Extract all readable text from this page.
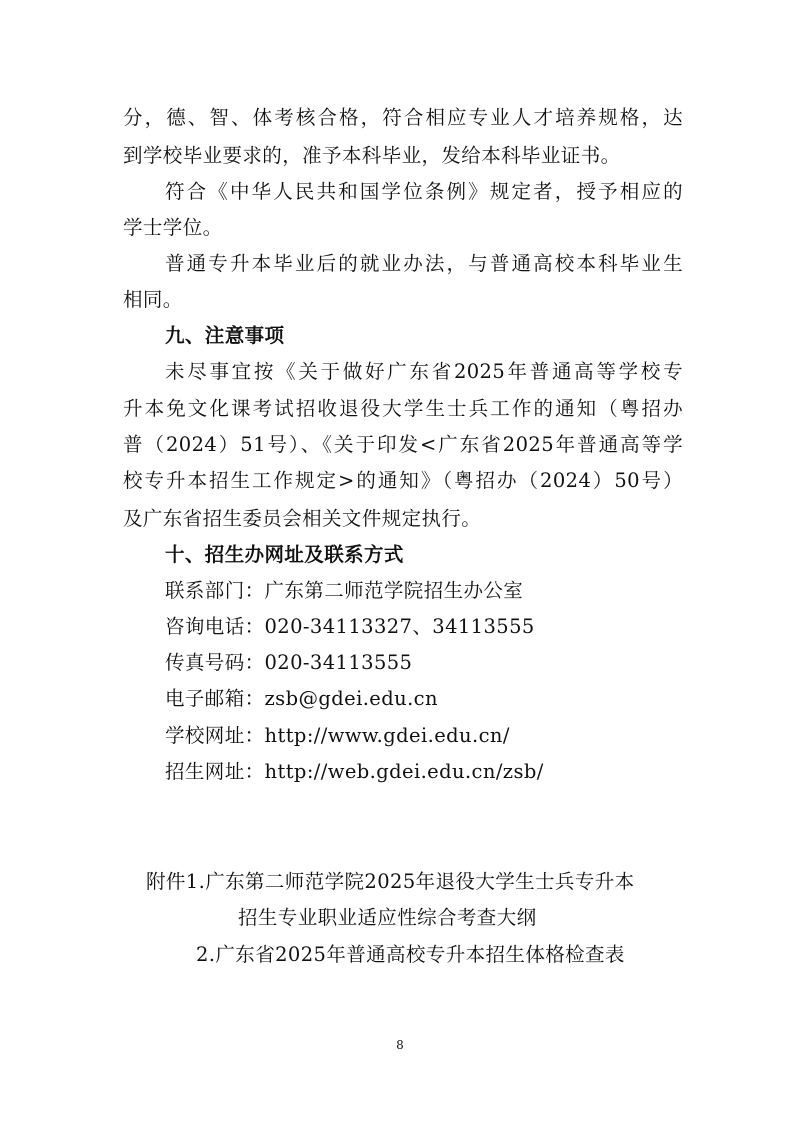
分，德、智、体考核合格，符合相应专业人才培养规格，达
到学校毕业要求的，准予本科毕业，发给本科毕业证书。
符合《中华人民共和国学位条例》规定者，授予相应的
学士学位。
普通专升本毕业后的就业办法，与普通高校本科毕业生
相同。
九、注意事项
未尽事宜按《关于做好广东省2025年普通高等学校专
升本免文化课考试招收退役大学生士兵工作的通知（粤招办
普（2024）51号）、《关于印发<广东省2025年普通高等学
校专升本招生工作规定>的通知》（粤招办（2024）50号）
及广东省招生委员会相关文件规定执行。
十、招生办网址及联系方式
联系部门：广东第二师范学院招生办公室
咨询电话：020-34113327、34113555
传真号码：020-34113555
电子邮箱：zsb@gdei.edu.cn
学校网址：http://www.gdei.edu.cn/
招生网址：http://web.gdei.edu.cn/zsb/
附件1.广东第二师范学院2025年退役大学生士兵专升本
招生专业职业适应性综合考查大纲
2.广东省2025年普通高校专升本招生体格检查表
8
